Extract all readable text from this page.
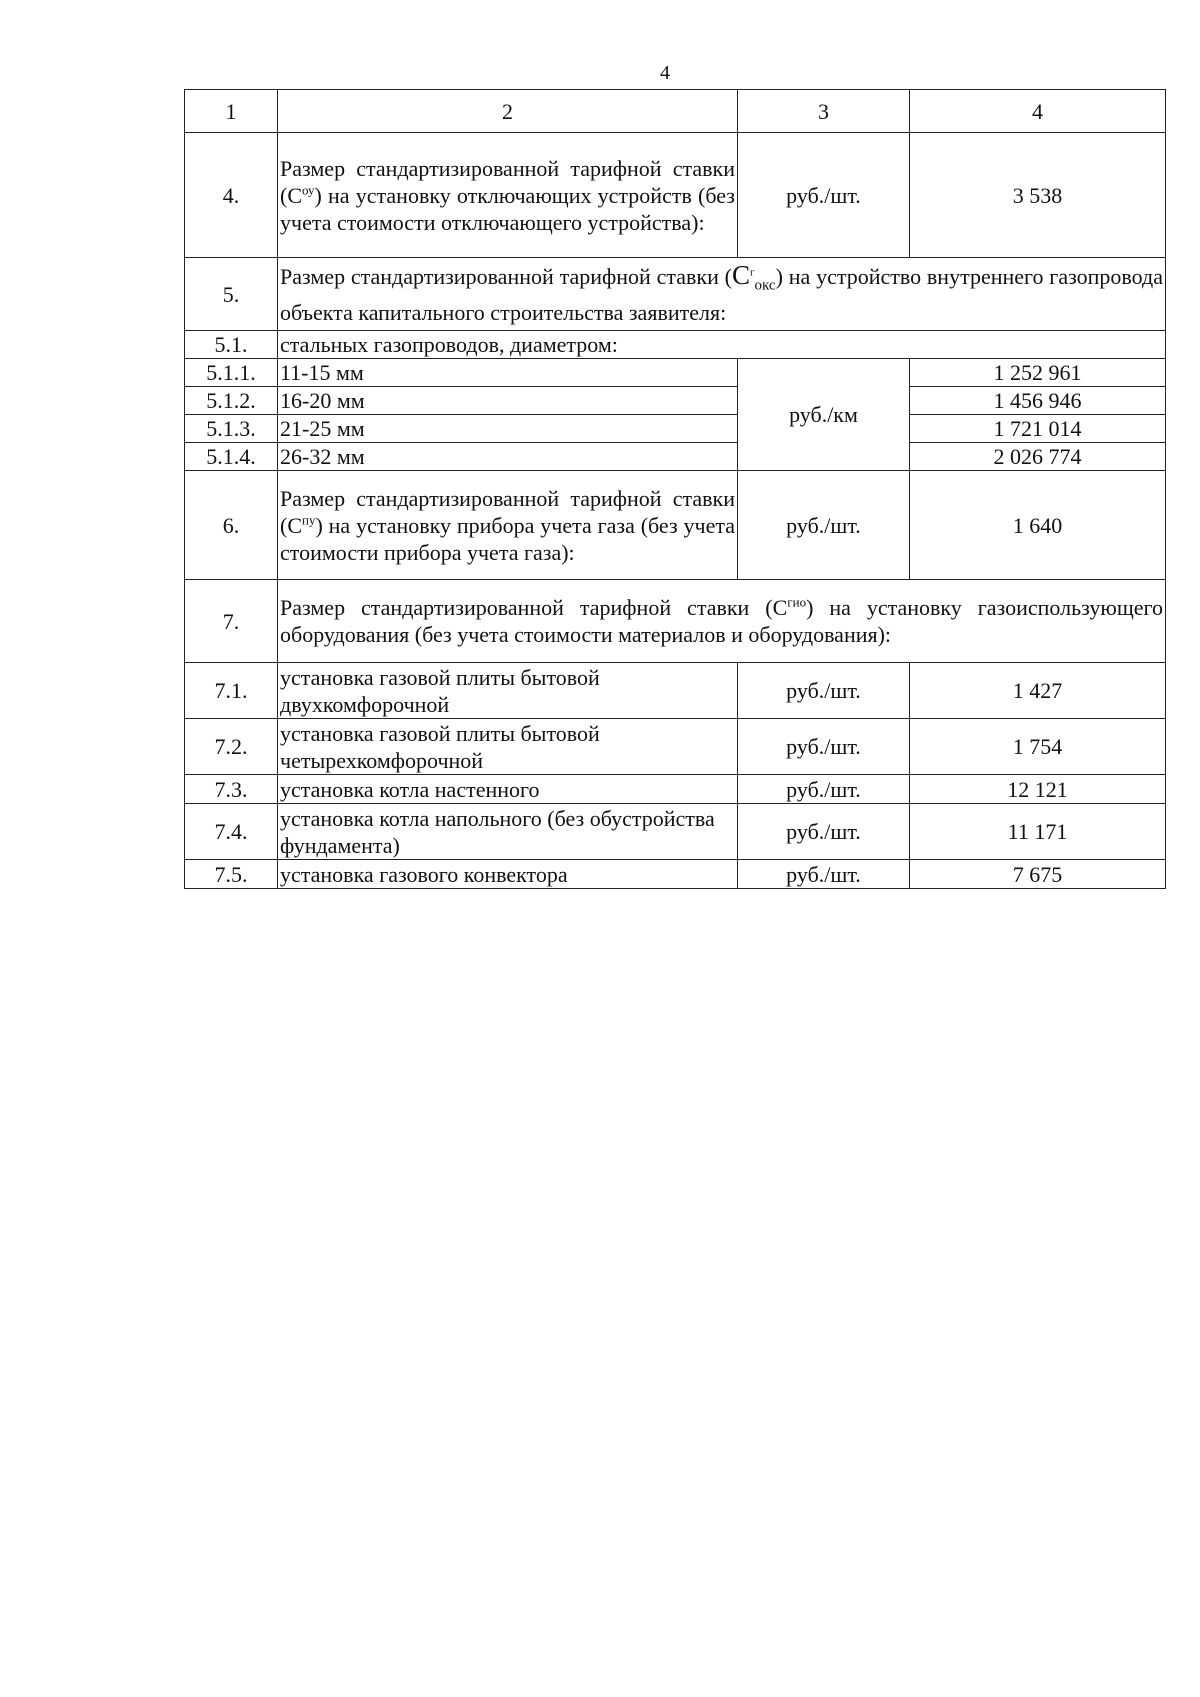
4
1	2	3	4
4.	Размер стандартизированной тарифной ставки $(С^{оу})$ на установку отключающих устройств (без учета стоимости отключающего устройства):	руб./шт.	3 538
5.	Размер стандартизированной тарифной ставки $(С^г_{окс})$ на устройство внутреннего газопровода объекта капитального строительства заявителя:		
5.1.	стальных газопроводов, диаметром:		
5.1.1.	11-15 мм	руб./км	1 252 961
5.1.2.	16-20 мм		1 456 946
5.1.3.	21-25 мм		1 721 014
5.1.4.	26-32 мм		2 026 774
6.	Размер стандартизированной тарифной ставки $(С^{пу})$ на установку прибора учета газа (без учета стоимости прибора учета газа):	руб./шт.	1 640
7.	Размер стандартизированной тарифной ставки $(С^{гио})$ на установку газоиспользующего оборудования (без учета стоимости материалов и оборудования):		
7.1.	установка газовой плиты бытовой двухкомфорочной	руб./шт.	1 427
7.2.	установка газовой плиты бытовой четырехкомфорочной	руб./шт.	1 754
7.3.	установка котла настенного	руб./шт.	12 121
7.4.	установка котла напольного (без обустройства фундамента)	руб./шт.	11 171
7.5.	установка газового конвектора	руб./шт.	7 675
